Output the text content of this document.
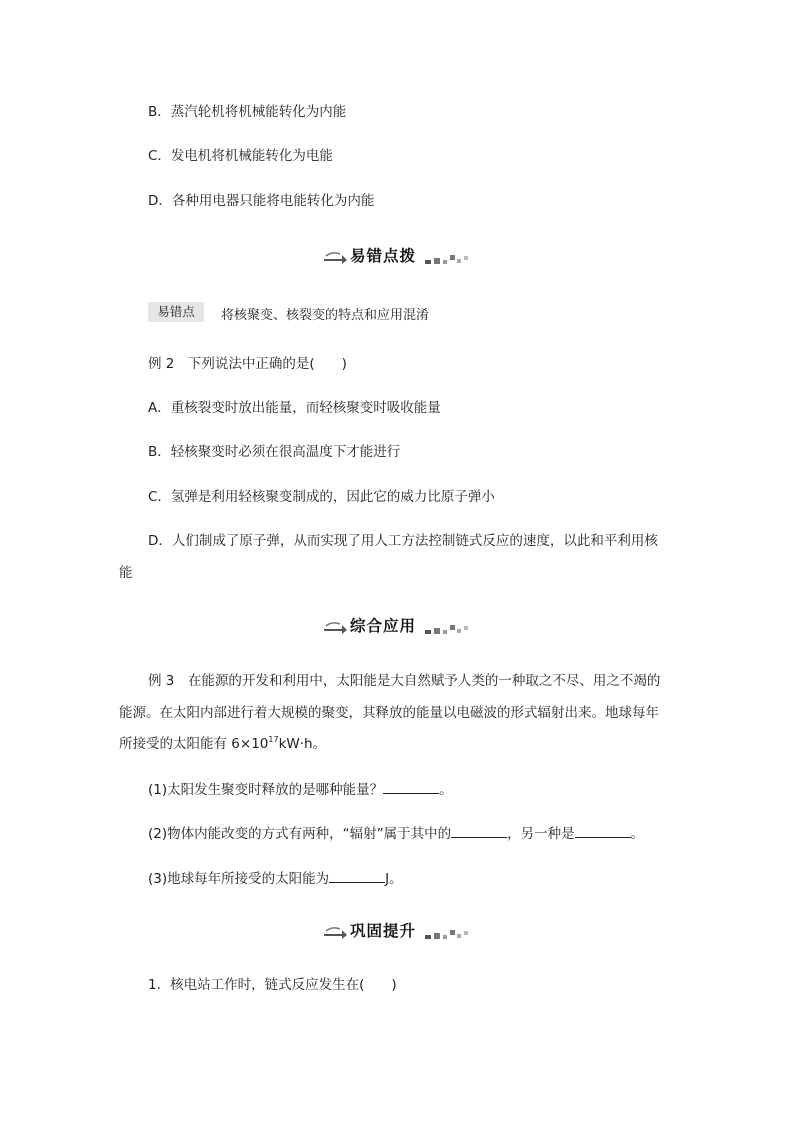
B．蒸汽轮机将机械能转化为内能
C．发电机将机械能转化为电能
D．各种用电器只能将电能转化为内能
易错点拨
易错点	将核聚变、核裂变的特点和应用混淆
例 2　 下列说法中正确的是(　　)
A．重核裂变时放出能量，而轻核聚变时吸收能量
B．轻核聚变时必须在很高温度下才能进行
C．氢弹是利用轻核聚变制成的，因此它的威力比原子弹小
D．人们制成了原子弹，从而实现了用人工方法控制链式反应的速度，以此和平利用核
能
综合应用
例 3　 在能源的开发和利用中，太阳能是大自然赋予人类的一种取之不尽、用之不竭的
能源。在太阳内部进行着大规模的聚变，其释放的能量以电磁波的形式辐射出来。地球每年
所接受的太阳能有 $6\times 10^{17}kW\cdot h$。
(1)太阳发生聚变时释放的是哪种能量？	。
(2)物体内能改变的方式有两种，“辐射”属于其中的	，另一种是	。
(3)地球每年所接受的太阳能为	J。
巩固提升
1．核电站工作时，链式反应发生在(　　)
